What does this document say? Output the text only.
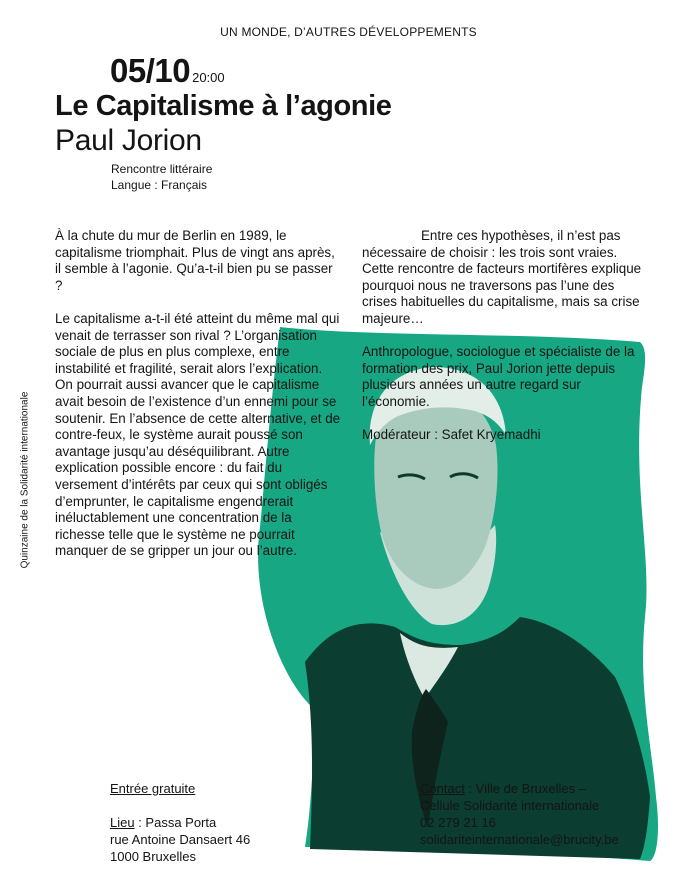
UN MONDE, D’AUTRES DÉVELOPPEMENTS
05/10 20:00
Le Capitalisme à l’agonie
Paul Jorion
Rencontre littéraire
Langue : Français
Quinzaine de la Solidarité internationale

À la chute du mur de Berlin en 1989, le capitalisme triomphait. Plus de vingt ans après, il semble à l’agonie. Qu’a-t-il bien pu se passer ?

Le capitalisme a-t-il été atteint du même mal qui venait de terrasser son rival ? L’organisation sociale de plus en plus complexe, entre instabilité et fragilité, serait alors l’explication. On pourrait aussi avancer que le capitalisme avait besoin de l’existence d’un ennemi pour se soutenir. En l’absence de cette alternative, et de contre-feux, le système aurait poussé son avantage jusqu’au déséquilibrant. Autre explication possible encore : du fait du versement d’intérêts par ceux qui sont obligés d’emprunter, le capitalisme engendrerait inéluctablement une concentration de la richesse telle que le système ne pourrait manquer de se gripper un jour ou l’autre.

Entre ces hypothèses, il n’est pas nécessaire de choisir : les trois sont vraies. Cette rencontre de facteurs mortifères explique pourquoi nous ne traversons pas l’une des crises habituelles du capitalisme, mais sa crise majeure…

Anthropologue, sociologue et spécialiste de la formation des prix, Paul Jorion jette depuis plusieurs années un autre regard sur l’économie.

Modérateur : Safet Kryemadhi

Entrée gratuite
Lieu : Passa Porta
rue Antoine Dansaert 46
1000 Bruxelles
Contact : Ville de Bruxelles –
Cellule Solidarité internationale
02 279 21 16
solidariteinternationale@brucity.be
